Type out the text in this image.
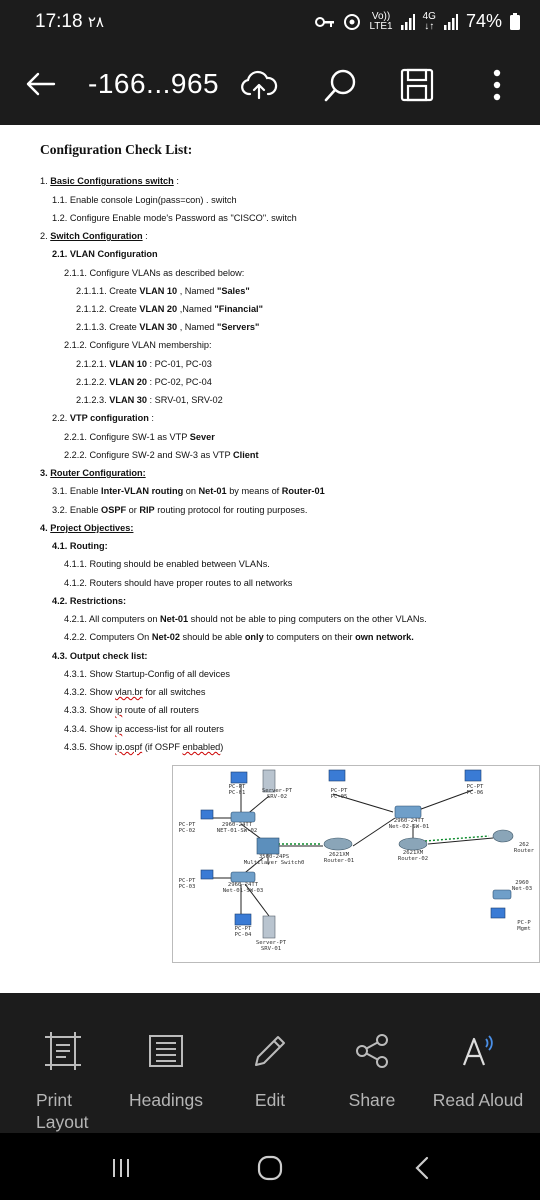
17:18 ۲۸	Vo))
LTE1
4G
↓↑ 74%
-166...965
Configuration Check List:
1. Basic Configurations switch :
1.1. Enable console Login(pass=con) . switch
1.2. Configure Enable mode's Password as "CISCO". switch
2. Switch Configuration :
2.1. VLAN Configuration
2.1.1. Configure VLANs as described below:
2.1.1.1. Create VLAN 10 , Named "Sales"
2.1.1.2. Create VLAN 20 ,Named "Financial"
2.1.1.3. Create VLAN 30 , Named "Servers"
2.1.2. Configure VLAN membership:
2.1.2.1. VLAN 10 : PC-01, PC-03
2.1.2.2. VLAN 20 : PC-02, PC-04
2.1.2.3. VLAN 30 : SRV-01, SRV-02
2.2. VTP configuration :
2.2.1. Configure SW-1 as VTP Sever
2.2.2. Configure SW-2 and SW-3 as VTP Client
3. Router Configuration:
3.1. Enable Inter-VLAN routing on Net-01 by means of Router-01
3.2. Enable OSPF or RIP routing protocol for routing purposes.
4. Project Objectives:
4.1. Routing:
4.1.1. Routing should be enabled between VLANs.
4.1.2. Routers should have proper routes to all networks
4.2. Restrictions:
4.2.1. All computers on Net-01 should not be able to ping computers on the other VLANs.
4.2.2. Computers On Net-02 should be able only to computers on their own network.
4.3. Output check list:
4.3.1. Show Startup-Config of all devices
4.3.2. Show vlan.br for all switches
4.3.3. Show ip route of all routers
4.3.4. Show ip access-list for all routers
4.3.5. Show ip.ospf (if OSPF enbabled)
PC-PT
PC-01	Server-PT
SRV-02
PC-PT
PC-05
PC-PT
PC-06
PC-PT
PC-02
2960-24TT
NET-01-SW-02
2960-24TT
Net-02-SW-01
3560-24PS
Multilayer Switch0
2621XM
Router-01
2621XM
Router-02
262
Router
PC-PT
PC-03	2960-24TT
Net-01-SW-03
2960
Net-03
PC-PT
PC-04
Server-PT
SRV-01
PC-P
Mgmt
Print
Layout
Headings	Edit	Share	Read Aloud
